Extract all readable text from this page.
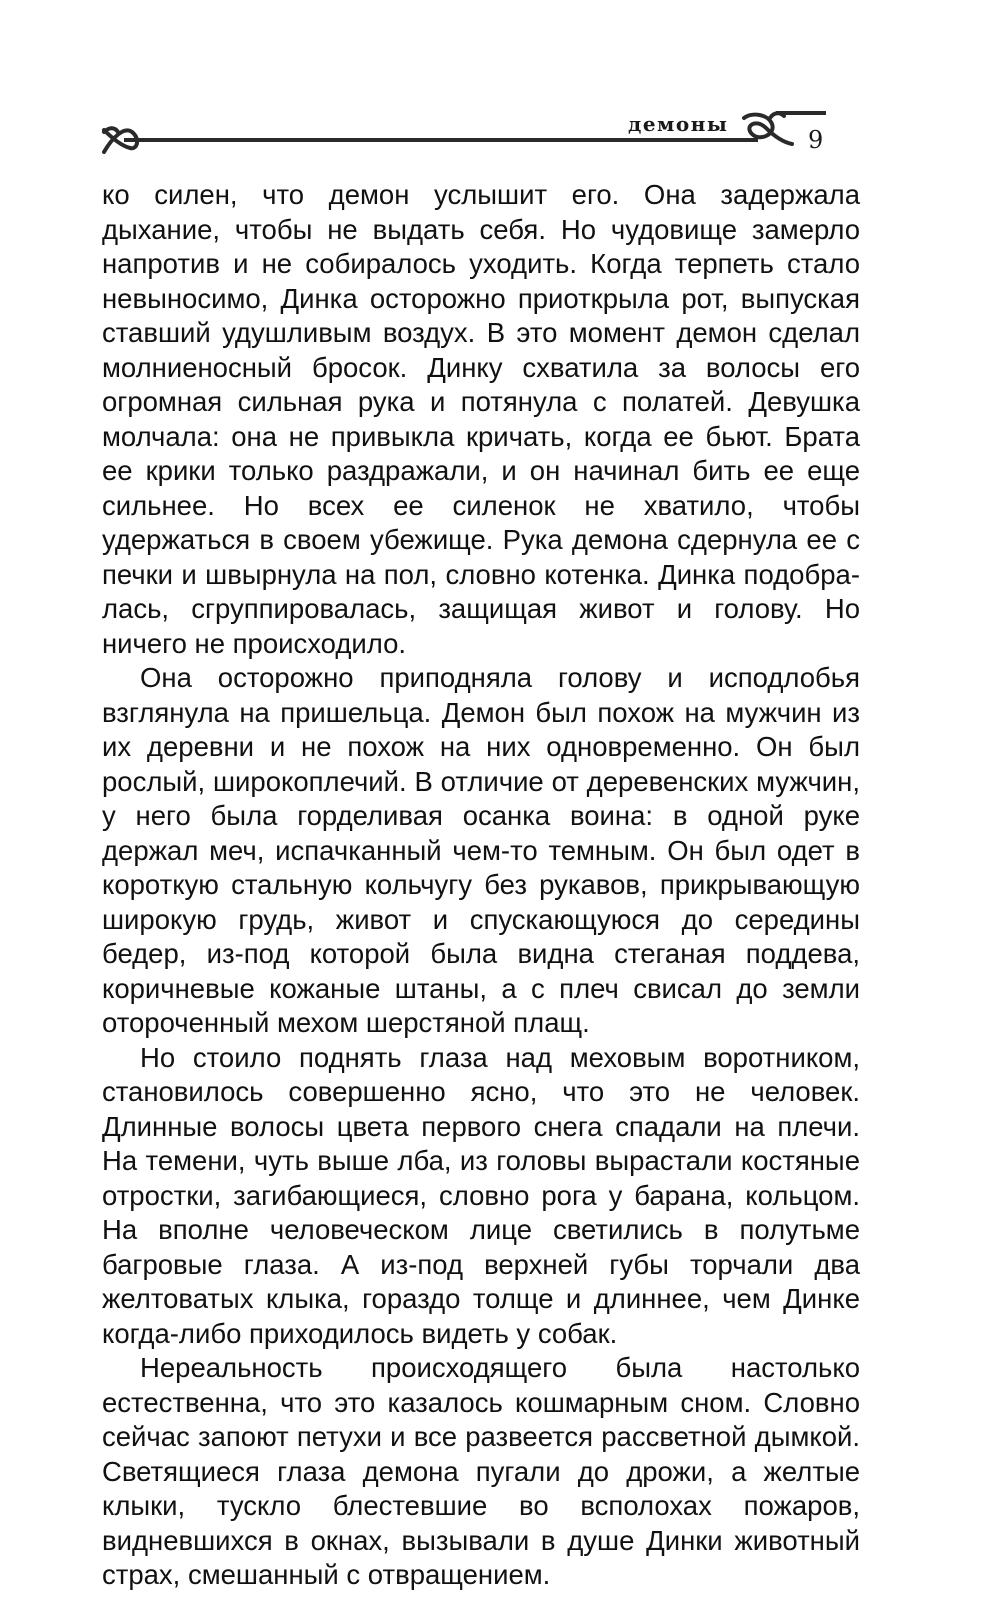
демоны
9

ко силен, что демон услышит его. Она задержала дыхание, чтобы не выдать себя. Но чудовище замерло напротив и не собиралось уходить. Когда терпеть стало невыносимо, Динка осторожно приоткрыла рот, выпуская ставший удушливым воздух. В это момент демон сделал молниеносный бросок. Динку схватила за волосы его огромная сильная рука и потянула с полатей. Девушка молчала: она не привыкла кричать, когда ее бьют. Брата ее крики только раздражали, и он начинал бить ее еще сильнее. Но всех ее силенок не хватило, чтобы удержаться в своем убежище. Рука демона сдернула ее с печки и швырнула на пол, словно котенка. Динка подобралась, сгруппировалась, защищая живот и голову. Но ничего не происходило.

Она осторожно приподняла голову и исподлобья взглянула на пришельца. Демон был похож на мужчин из их деревни и не похож на них одновременно. Он был рослый, широкоплечий. В отличие от деревенских мужчин, у него была горделивая осанка воина: в одной руке держал меч, испачканный чем-то темным. Он был одет в короткую стальную кольчугу без рукавов, прикрывающую широкую грудь, живот и спускающуюся до середины бедер, из-под которой была видна стеганая поддева, коричневые кожаные штаны, а с плеч свисал до земли отороченный мехом шерстяной плащ.

Но стоило поднять глаза над меховым воротником, становилось совершенно ясно, что это не человек. Длинные волосы цвета первого снега спадали на плечи. На темени, чуть выше лба, из головы вырастали костяные отростки, загибающиеся, словно рога у барана, кольцом. На вполне человеческом лице светились в полутьме багровые глаза. А из-под верхней губы торчали два желтоватых клыка, гораздо толще и длиннее, чем Динке когда-либо приходилось видеть у собак.

Нереальность происходящего была настолько естественна, что это казалось кошмарным сном. Словно сейчас запоют петухи и все развеется рассветной дымкой. Светящиеся глаза демона пугали до дрожи, а желтые клыки, тускло блестевшие во всполохах пожаров, видневшихся в окнах, вызывали в душе Динки животный страх, смешанный с отвращением.
